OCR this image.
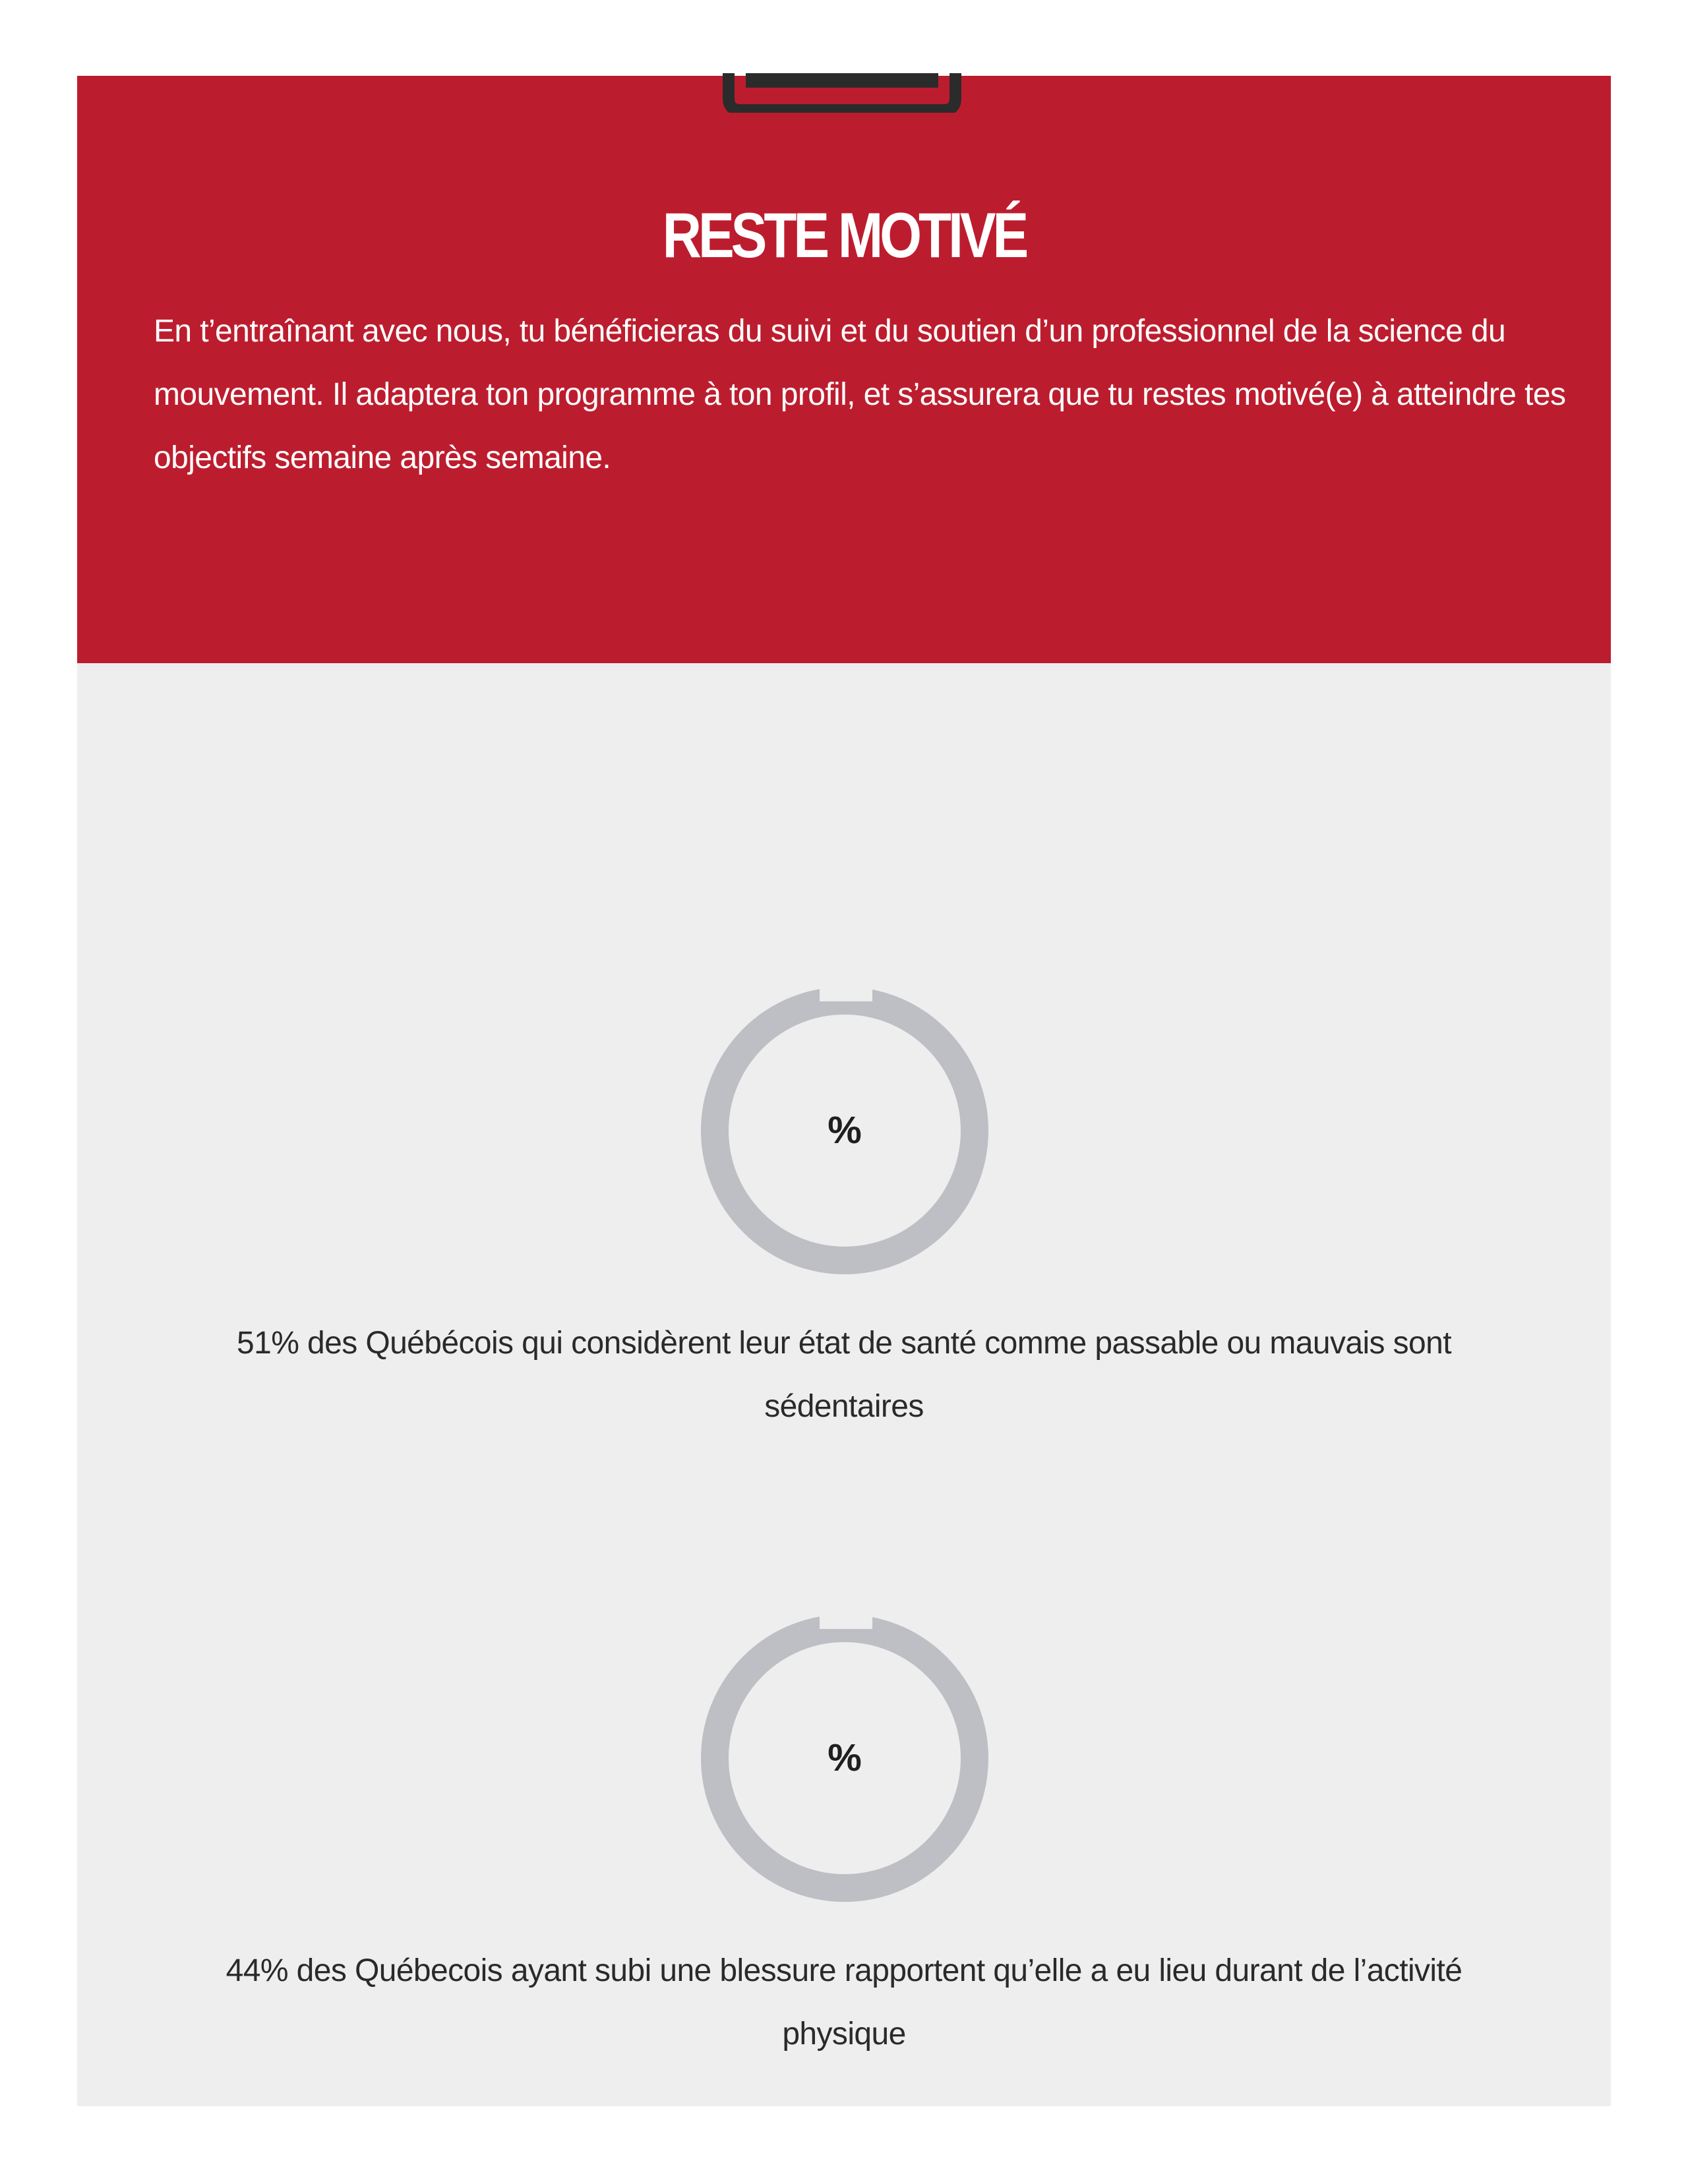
RESTE MOTIVÉ

En t’entraînant avec nous, tu bénéficieras du suivi et du soutien d’un professionnel de la science du mouvement. Il adaptera ton programme à ton profil, et s’assurera que tu restes motivé(e) à atteindre tes objectifs semaine après semaine.

%

51% des Québécois qui considèrent leur état de santé comme passable ou mauvais sont sédentaires

%

44% des Québecois ayant subi une blessure rapportent qu’elle a eu lieu durant de l’activité physique
